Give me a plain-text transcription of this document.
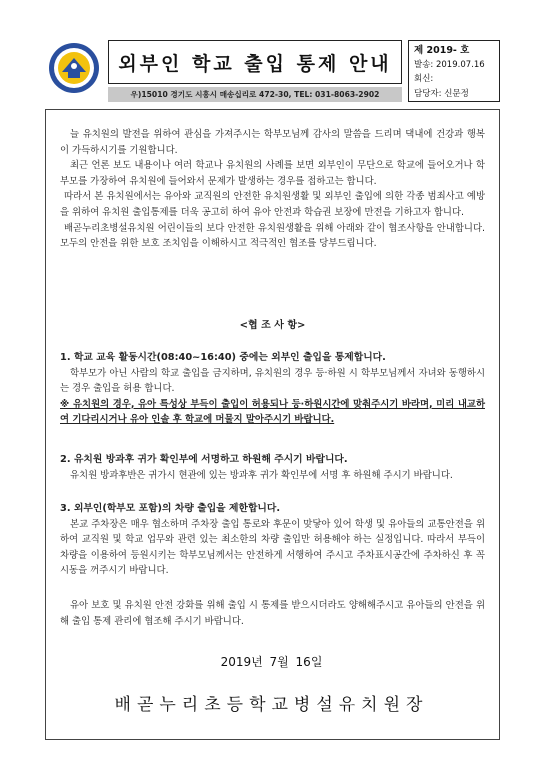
외부인 학교 출입 통제 안내
제 2019- 호
발송: 2019.07.16
회신:
담당자: 신문정
우)15010 경기도 시흥시 매송십리로 472-30, TEL: 031-8063-2902

늘 유치원의 발전을 위하여 관심을 가져주시는 학부모님께 감사의 말씀을 드리며 댁내에 건강과 행복이 가득하시기를 기원합니다.

최근 언론 보도 내용이나 여러 학교나 유치원의 사례를 보면 외부인이 무단으로 학교에 들어오거나 학부모를 가장하여 유치원에 들어와서 문제가 발생하는 경우를 접하고는 합니다.

따라서 본 유치원에서는 유아와 교직원의 안전한 유치원생활 및 외부인 출입에 의한 각종 범죄사고 예방을 위하여 유치원 출입통제를 더욱 공고히 하여 유아 안전과 학습권 보장에 만전을 기하고자 합니다.

배곧누리초병설유치원 어린이들의 보다 안전한 유치원생활을 위해 아래와 같이 협조사항을 안내합니다. 모두의 안전을 위한 보호 조치임을 이해하시고 적극적인 협조를 당부드립니다.

<협 조 사 항>

1. 학교 교육 활동시간(08:40~16:40) 중에는 외부인 출입을 통제합니다.

학부모가 아닌 사람의 학교 출입을 금지하며, 유치원의 경우 등·하원 시 학부모님께서 자녀와 동행하시는 경우 출입을 허용 합니다.

※ 유치원의 경우, 유아 특성상 부득이 출입이 허용되나 등·하원시간에 맞춰주시기 바라며, 미리 내교하여 기다리시거나 유아 인솔 후 학교에 머물지 말아주시기 바랍니다.

2. 유치원 방과후 귀가 확인부에 서명하고 하원해 주시기 바랍니다.

유치원 방과후반은 귀가시 현관에 있는 방과후 귀가 확인부에 서명 후 하원해 주시기 바랍니다.

3. 외부인(학부모 포함)의 차량 출입을 제한합니다.

본교 주차장은 매우 협소하며 주차장 출입 통로와 후문이 맞닿아 있어 학생 및 유아들의 교통안전을 위하여 교직원 및 학교 업무와 관련 있는 최소한의 차량 출입만 허용해야 하는 실정입니다. 따라서 부득이 차량을 이용하여 등원시키는 학부모님께서는 안전하게 서행하여 주시고 주차표시공간에 주차하신 후 꼭 시동을 꺼주시기 바랍니다.

유아 보호 및 유치원 안전 강화를 위해 출입 시 통제를 받으시더라도 양해해주시고 유아들의 안전을 위해 출입 통제 관리에 협조해 주시기 바랍니다.

2019년 7월 16일
배곧누리초등학교병설유치원장
